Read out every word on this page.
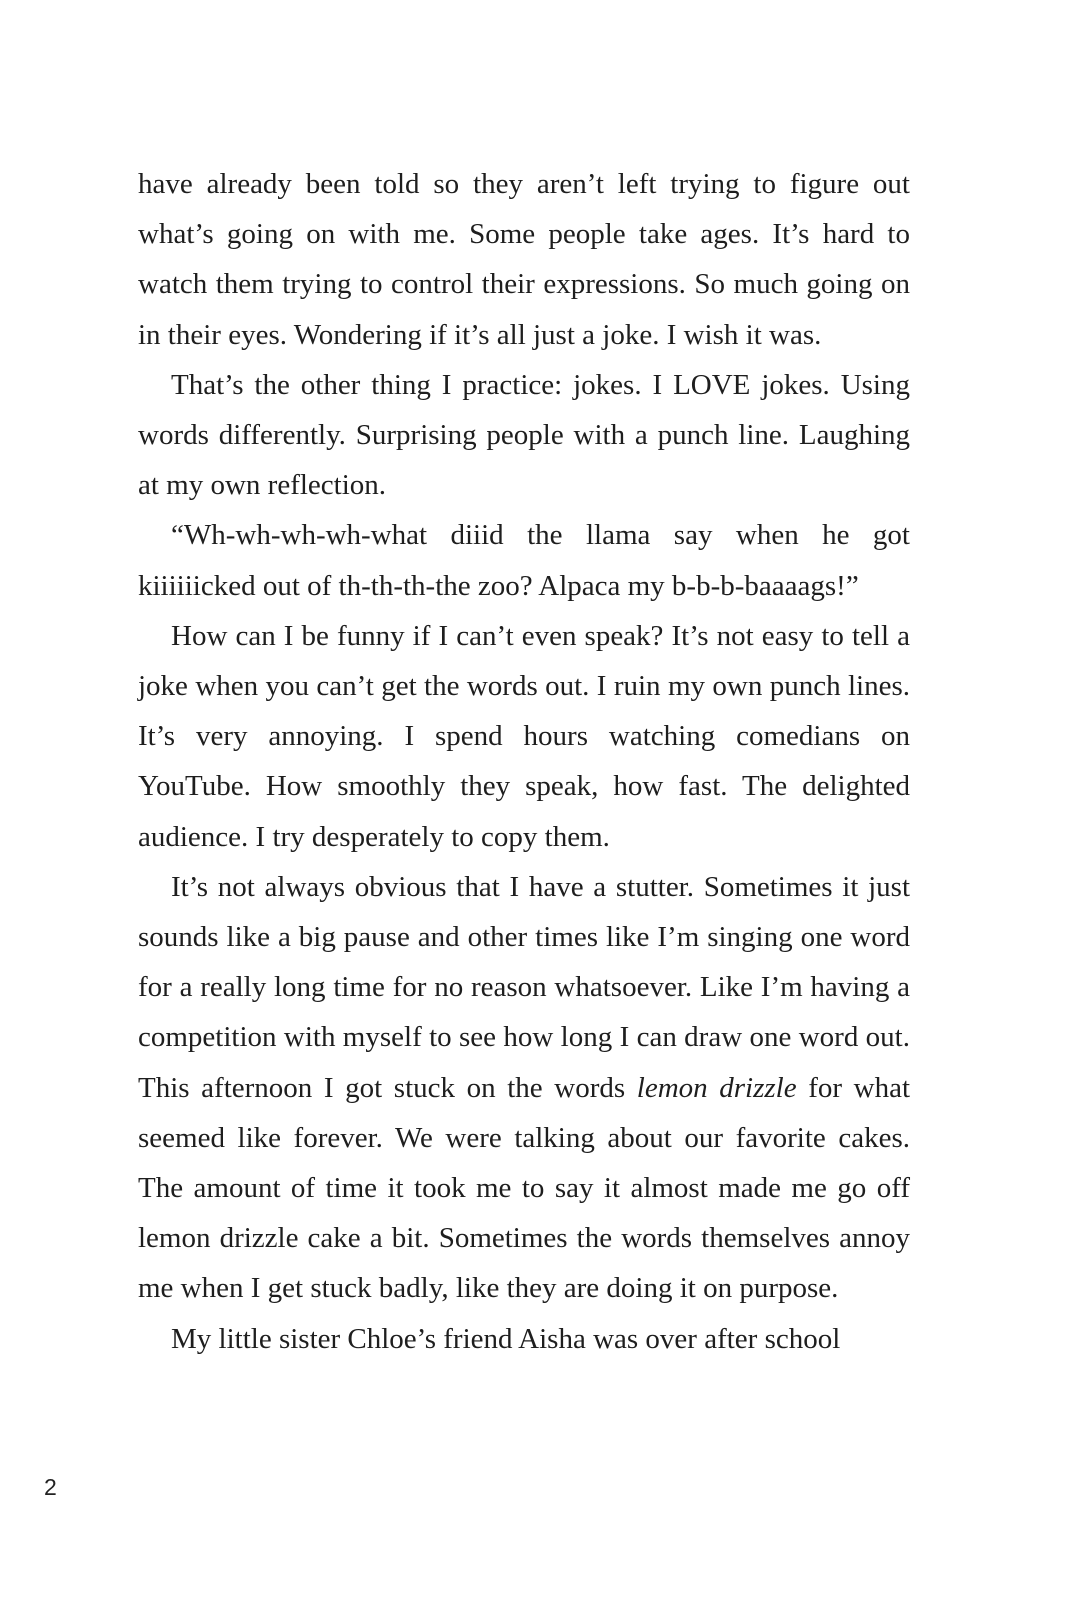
have already been told so they aren’t left trying to figure out what’s going on with me. Some people take ages. It’s hard to watch them trying to control their expressions. So much going on in their eyes. Wondering if it’s all just a joke. I wish it was.

That’s the other thing I practice: jokes. I LOVE jokes. Using words differently. Surprising people with a punch line. Laughing at my own reflection.

“Wh-wh-wh-wh-what diiid the llama say when he got kiiiiiicked out of th-th-th-the zoo? Alpaca my b-b-b-baaaags!”

How can I be funny if I can’t even speak? It’s not easy to tell a joke when you can’t get the words out. I ruin my own punch lines. It’s very annoying. I spend hours watching comedians on YouTube. How smoothly they speak, how fast. The delighted audience. I try desperately to copy them.

It’s not always obvious that I have a stutter. Sometimes it just sounds like a big pause and other times like I’m singing one word for a really long time for no reason whatsoever. Like I’m having a competition with myself to see how long I can draw one word out. This afternoon I got stuck on the words lemon drizzle for what seemed like forever. We were talking about our favorite cakes. The amount of time it took me to say it almost made me go off lemon drizzle cake a bit. Sometimes the words themselves annoy me when I get stuck badly, like they are doing it on purpose.

My little sister Chloe’s friend Aisha was over after school

2
